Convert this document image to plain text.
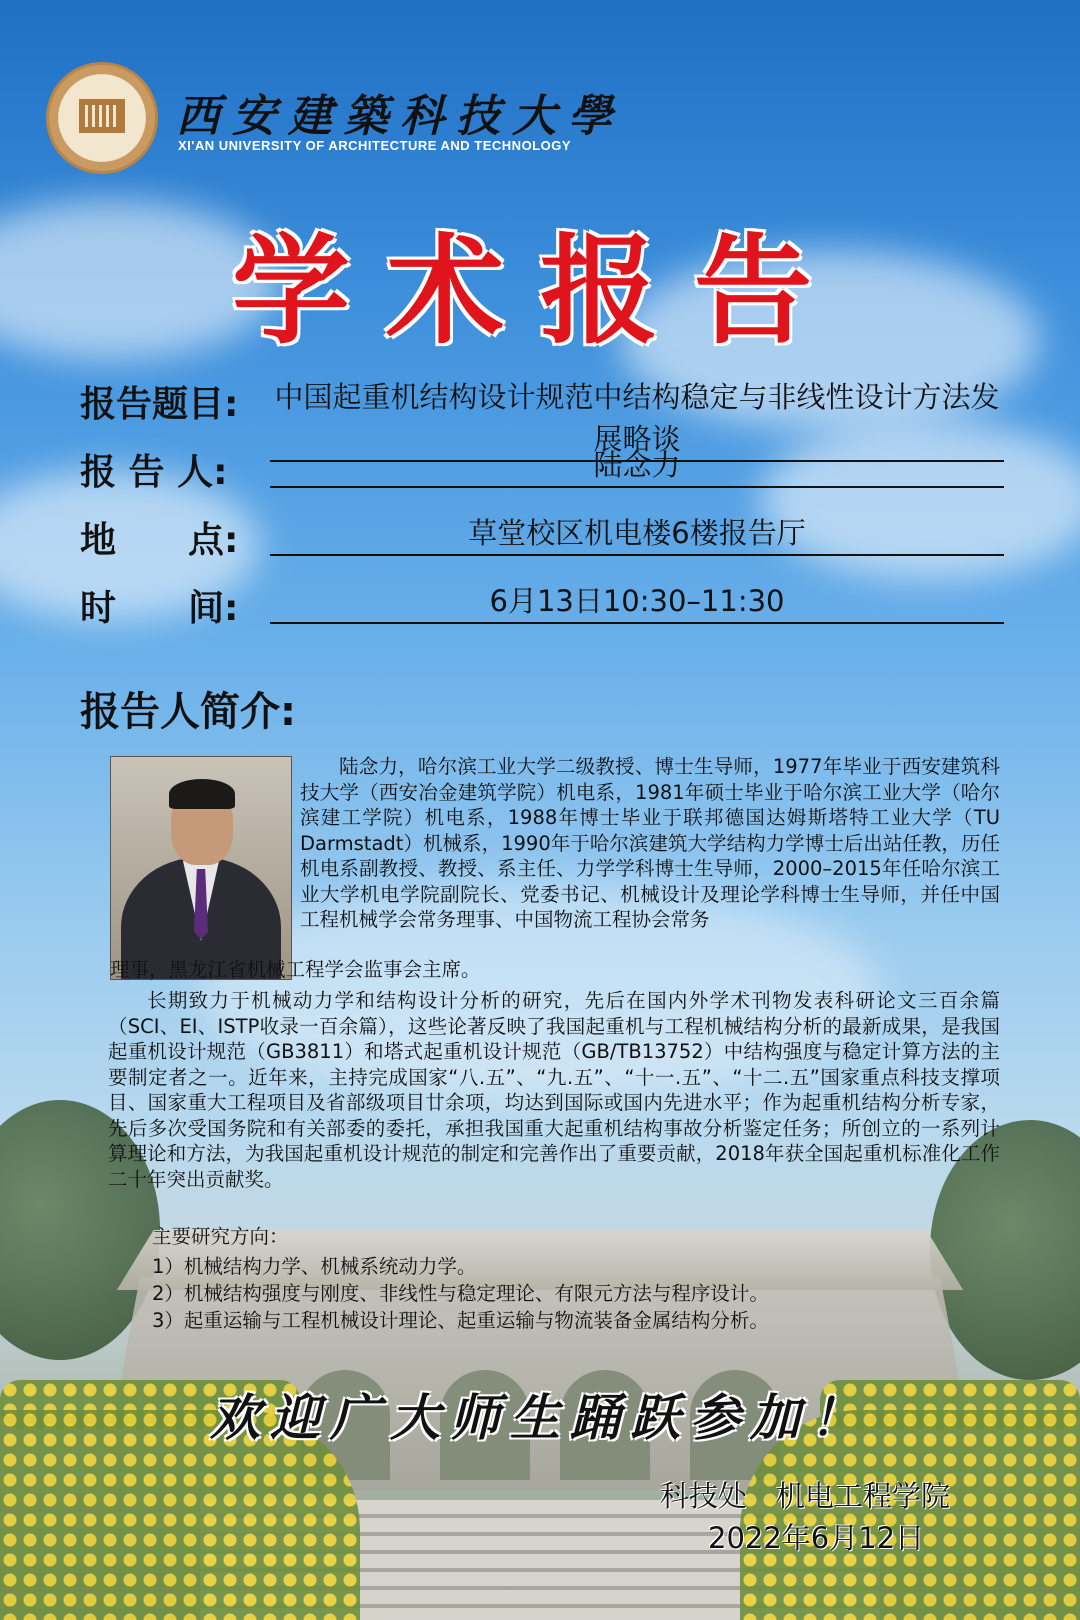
西安建築科技大學
XI'AN UNIVERSITY OF ARCHITECTURE AND TECHNOLOGY
学术报告
报告题目: 中国起重机结构设计规范中结构稳定与非线性设计方法发展略谈
报 告 人:	陆念力
地　　点:	草堂校区机电楼6楼报告厅
时　　间:	6月13日10:30–11:30
报告人简介:
陆念力，哈尔滨工业大学二级教授、博士生导师，1977年毕业于西安建筑科技大学（西安冶金建筑学院）机电系，1981年硕士毕业于哈尔滨工业大学（哈尔滨建工学院）机电系，1988年博士毕业于联邦德国达姆斯塔特工业大学（TU Darmstadt）机械系，1990年于哈尔滨建筑大学结构力学博士后出站任教，历任机电系副教授、教授、系主任、力学学科博士生导师，2000–2015年任哈尔滨工业大学机电学院副院长、党委书记、机械设计及理论学科博士生导师，并任中国工程机械学会常务理事、中国物流工程协会常务
理事，黑龙江省机械工程学会监事会主席。
长期致力于机械动力学和结构设计分析的研究，先后在国内外学术刊物发表科研论文三百余篇（SCI、EI、ISTP收录一百余篇），这些论著反映了我国起重机与工程机械结构分析的最新成果，是我国起重机设计规范（GB3811）和塔式起重机设计规范（GB/TB13752）中结构强度与稳定计算方法的主要制定者之一。近年来，主持完成国家“八.五”、“九.五”、“十一.五”、“十二.五”国家重点科技支撑项目、国家重大工程项目及省部级项目廿余项，均达到国际或国内先进水平；作为起重机结构分析专家，先后多次受国务院和有关部委的委托，承担我国重大起重机结构事故分析鉴定任务；所创立的一系列计算理论和方法，为我国起重机设计规范的制定和完善作出了重要贡献，2018年获全国起重机标准化工作二十年突出贡献奖。
主要研究方向：
1）机械结构力学、机械系统动力学。
2）机械结构强度与刚度、非线性与稳定理论、有限元方法与程序设计。
3）起重运输与工程机械设计理论、起重运输与物流装备金属结构分析。
欢迎广大师生踊跃参加！
科技处　机电工程学院
2022年6月12日
